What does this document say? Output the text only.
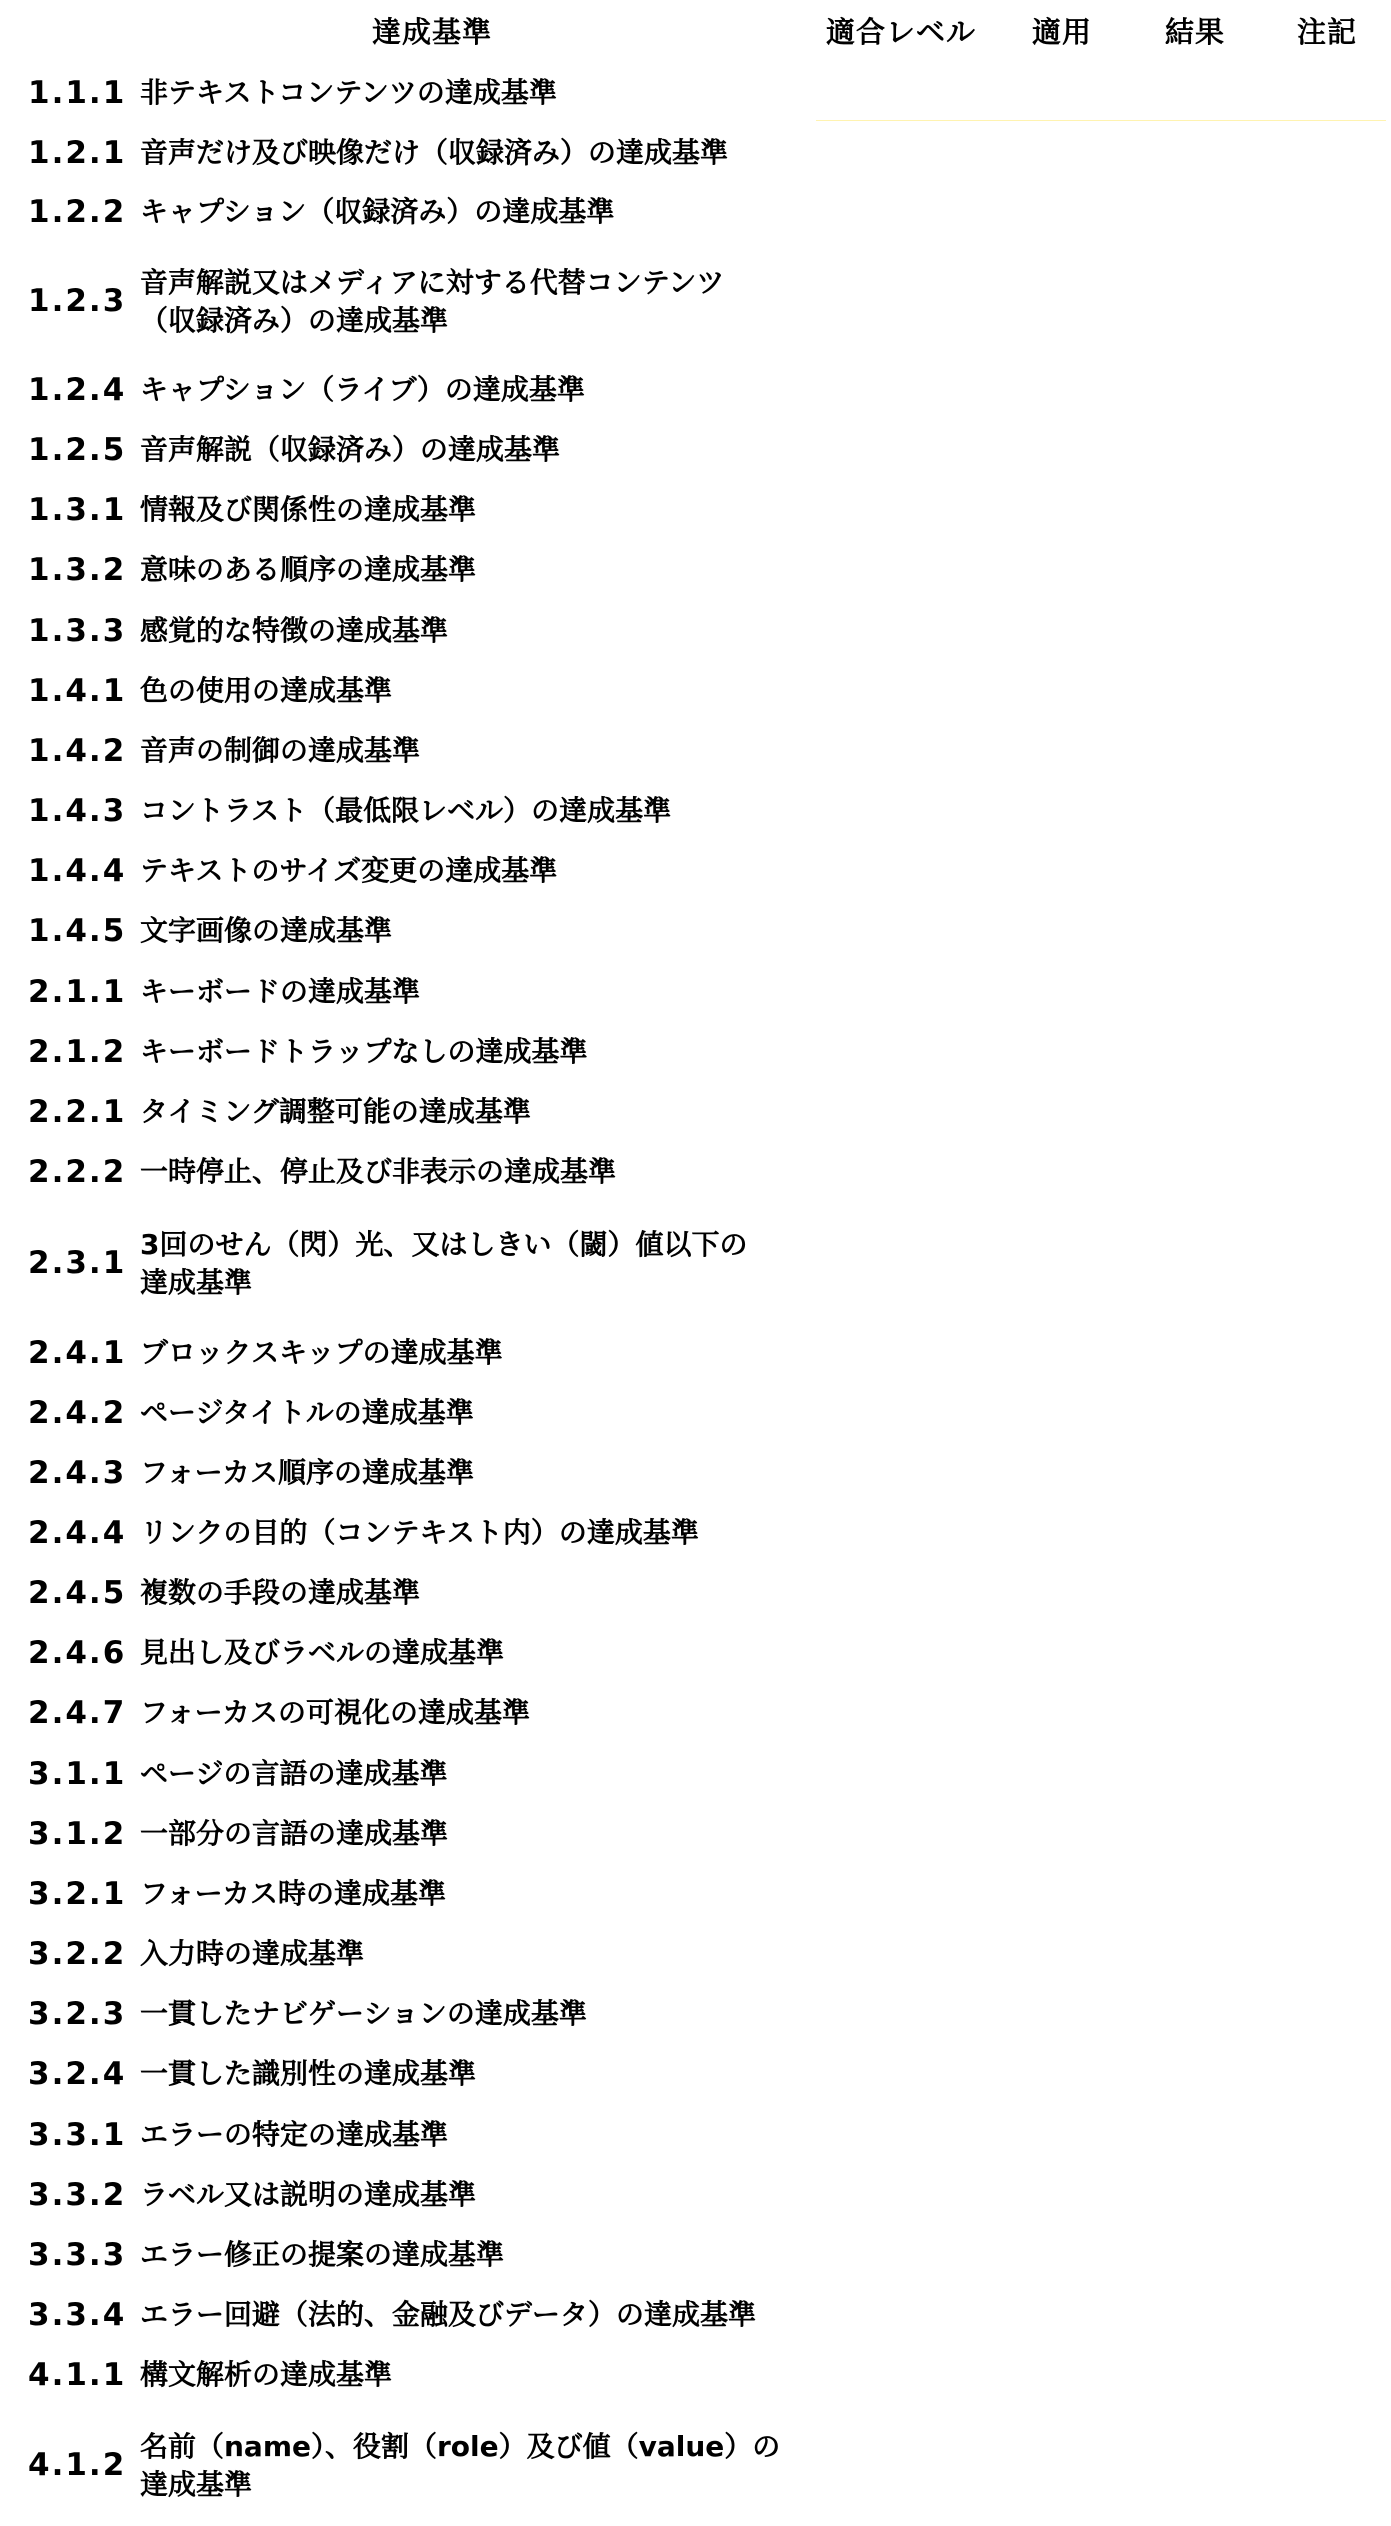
達成基準	適合レベル 適用	結果 注記
1.1.1 非テキストコンテンツの達成基準
1.2.1 音声だけ及び映像だけ（収録済み）の達成基準
1.2.2 キャプション（収録済み）の達成基準
1.2.3
音声解説又はメディアに対する代替コンテンツ
（収録済み）の達成基準
1.2.4 キャプション（ライブ）の達成基準
1.2.5 音声解説（収録済み）の達成基準
1.3.1 情報及び関係性の達成基準
1.3.2 意味のある順序の達成基準
1.3.3 感覚的な特徴の達成基準
1.4.1 色の使用の達成基準
1.4.2 音声の制御の達成基準
1.4.3 コントラスト（最低限レベル）の達成基準
1.4.4 テキストのサイズ変更の達成基準
1.4.5 文字画像の達成基準
2.1.1 キーボードの達成基準
2.1.2 キーボードトラップなしの達成基準
2.2.1 タイミング調整可能の達成基準
2.2.2 一時停止、停止及び非表示の達成基準
2.3.1
3回のせん（閃）光、又はしきい（閾）値以下の
達成基準
2.4.1 ブロックスキップの達成基準
2.4.2 ページタイトルの達成基準
2.4.3 フォーカス順序の達成基準
2.4.4 リンクの目的（コンテキスト内）の達成基準
2.4.5 複数の手段の達成基準
2.4.6 見出し及びラベルの達成基準
2.4.7 フォーカスの可視化の達成基準
3.1.1 ページの言語の達成基準
3.1.2 一部分の言語の達成基準
3.2.1 フォーカス時の達成基準
3.2.2 入力時の達成基準
3.2.3 一貫したナビゲーションの達成基準
3.2.4 一貫した識別性の達成基準
3.3.1 エラーの特定の達成基準
3.3.2 ラベル又は説明の達成基準
3.3.3 エラー修正の提案の達成基準
3.3.4 エラー回避（法的、金融及びデータ）の達成基準
4.1.1 構文解析の達成基準
4.1.2
名前（name）、役割（role）及び値（value）の
達成基準
